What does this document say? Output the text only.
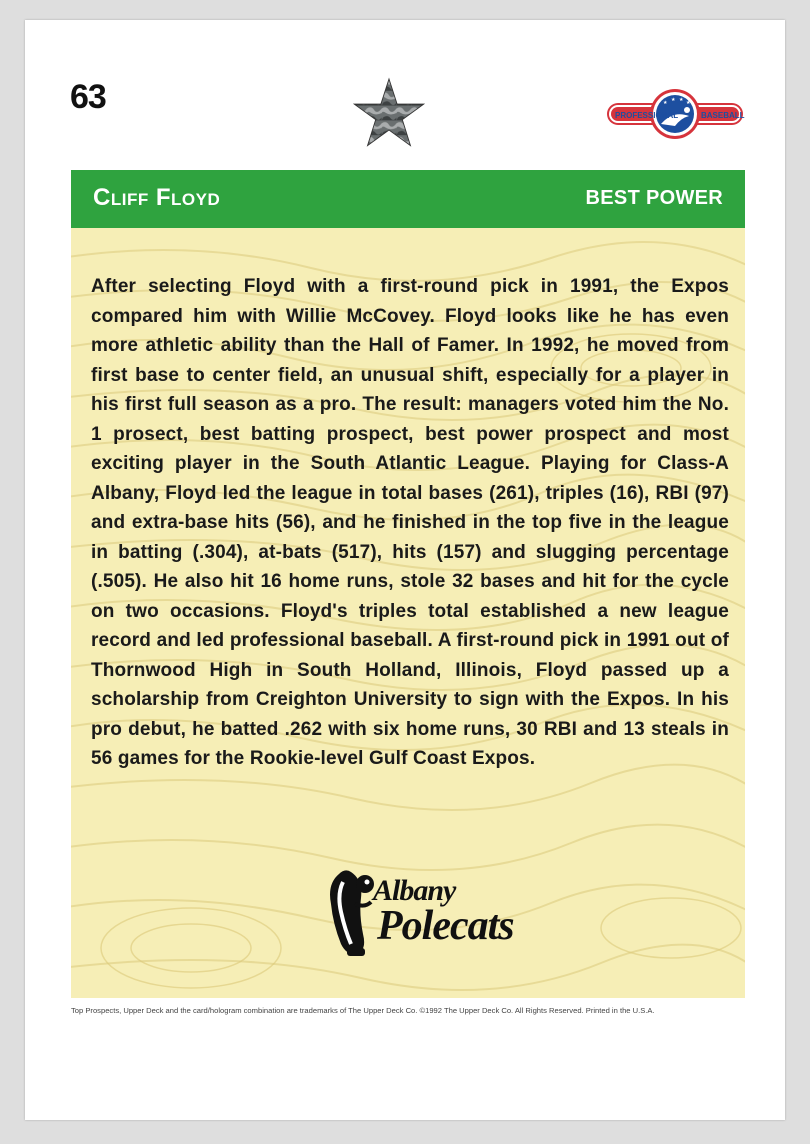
63	★ ★ ★ ★
PROFESSIONAL	BASEBALL
Cliff Floyd	BEST POWER
After selecting Floyd with a first-round pick in 1991, the Expos compared him with Willie McCovey. Floyd looks like he has even more athletic ability than the Hall of Famer. In 1992, he moved from first base to center field, an unusual shift, especially for a player in his first full season as a pro. The result: managers voted him the No. 1 prosect, best batting prospect, best power prospect and most exciting player in the South Atlantic League. Playing for Class-A Albany, Floyd led the league in total bases (261), triples (16), RBI (97) and extra-base hits (56), and he finished in the top five in the league in batting (.304), at-bats (517), hits (157) and slugging percentage (.505). He also hit 16 home runs, stole 32 bases and hit for the cycle on two occasions. Floyd's triples total established a new league record and led professional baseball. A first-round pick in 1991 out of Thornwood High in South Holland, Illinois, Floyd passed up a scholarship from Creighton University to sign with the Expos. In his pro debut, he batted .262 with six home runs, 30 RBI and 13 steals in 56 games for the Rookie-level Gulf Coast Expos.
Albany
Polecats
Top Prospects, Upper Deck and the card/hologram combination are trademarks of The Upper Deck Co. ©1992 The Upper Deck Co. All Rights Reserved. Printed in the U.S.A.
